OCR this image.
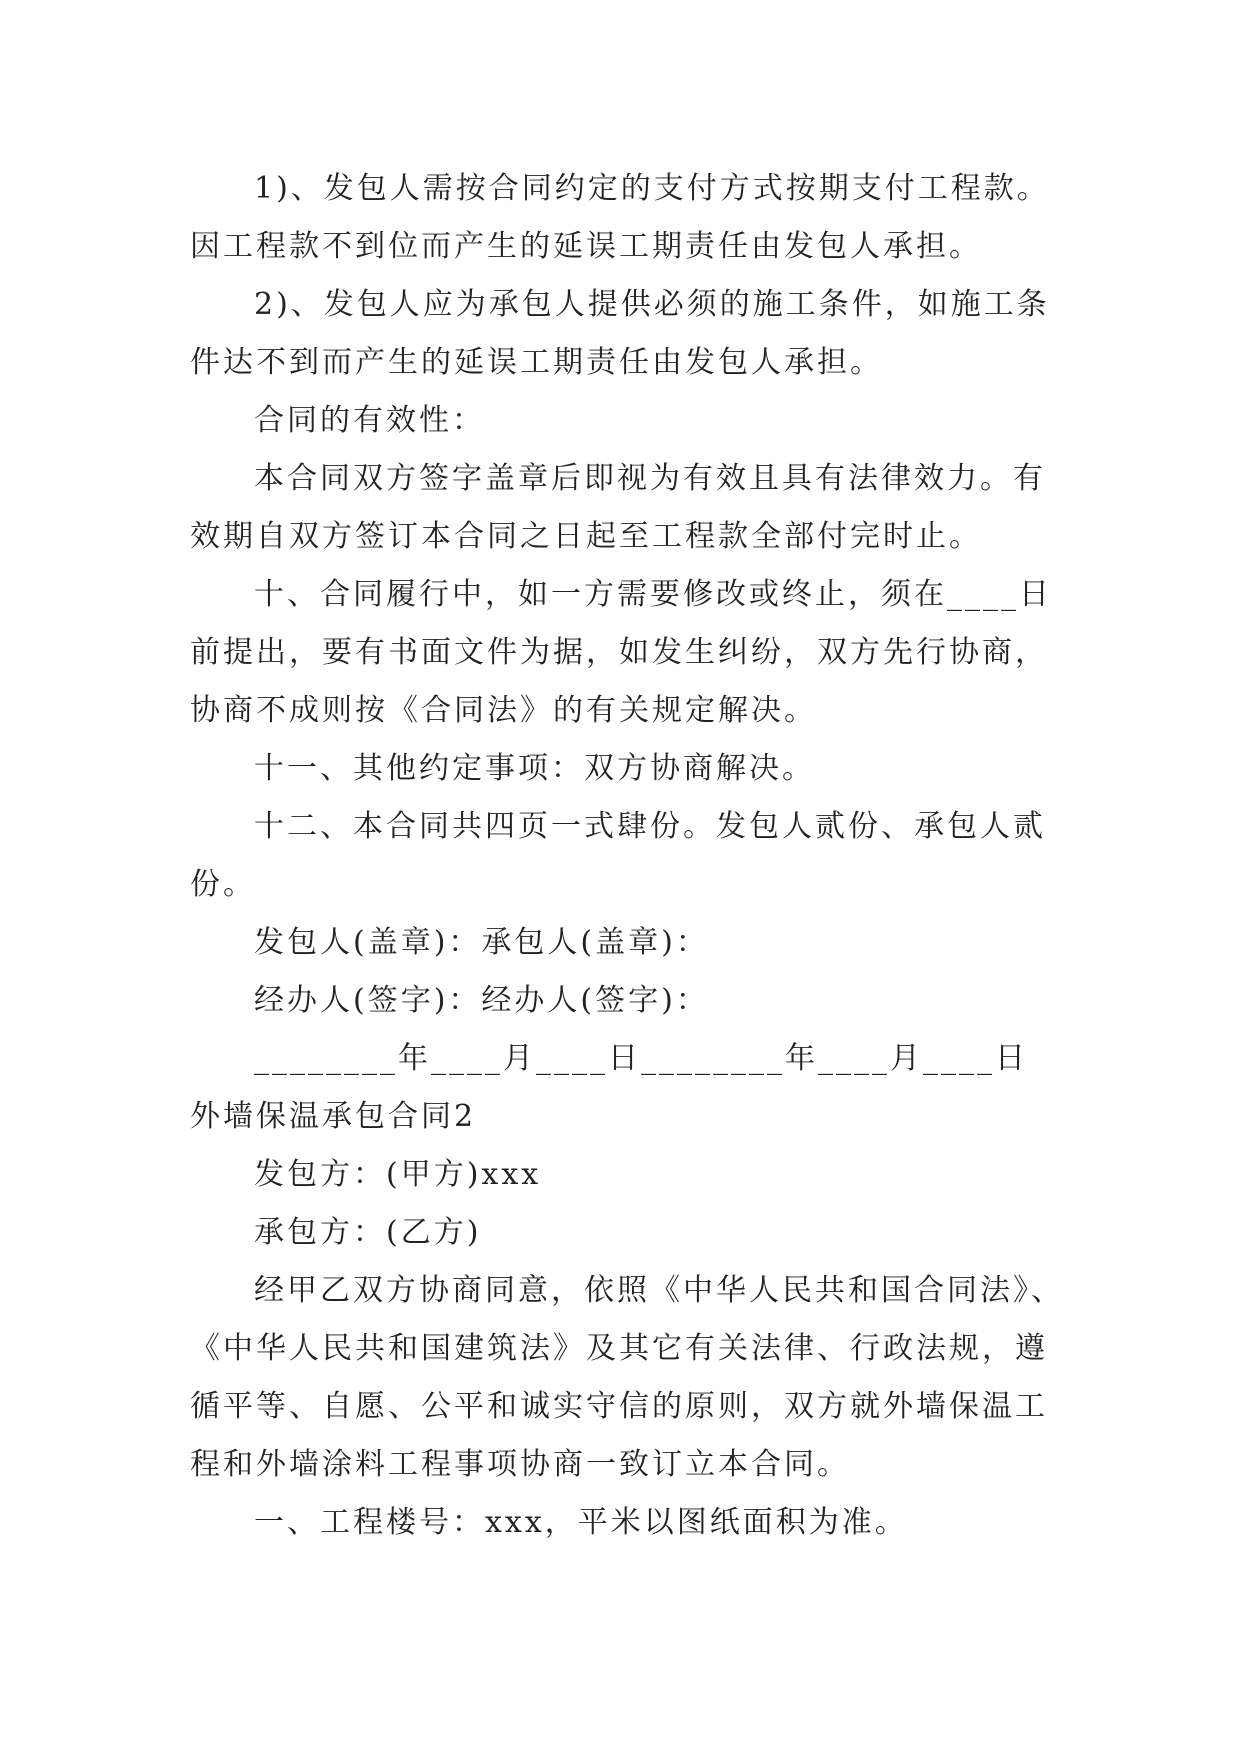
1)、发包人需按合同约定的支付方式按期支付工程款。
因工程款不到位而产生的延误工期责任由发包人承担。
2)、发包人应为承包人提供必须的施工条件，如施工条
件达不到而产生的延误工期责任由发包人承担。
合同的有效性：
本合同双方签字盖章后即视为有效且具有法律效力。有
效期自双方签订本合同之日起至工程款全部付完时止。
十、合同履行中，如一方需要修改或终止，须在____日
前提出，要有书面文件为据，如发生纠纷，双方先行协商，
协商不成则按《合同法》的有关规定解决。
十一、其他约定事项：双方协商解决。
十二、本合同共四页一式肆份。发包人贰份、承包人贰
份。
发包人(盖章)：承包人(盖章)：
经办人(签字)：经办人(签字)：
________年____月____日________年____月____日
外墙保温承包合同2
发包方：(甲方)xxx
承包方：(乙方)
经甲乙双方协商同意，依照《中华人民共和国合同法》、
《中华人民共和国建筑法》及其它有关法律、行政法规，遵
循平等、自愿、公平和诚实守信的原则，双方就外墙保温工
程和外墙涂料工程事项协商一致订立本合同。
一、工程楼号：xxx，平米以图纸面积为准。
